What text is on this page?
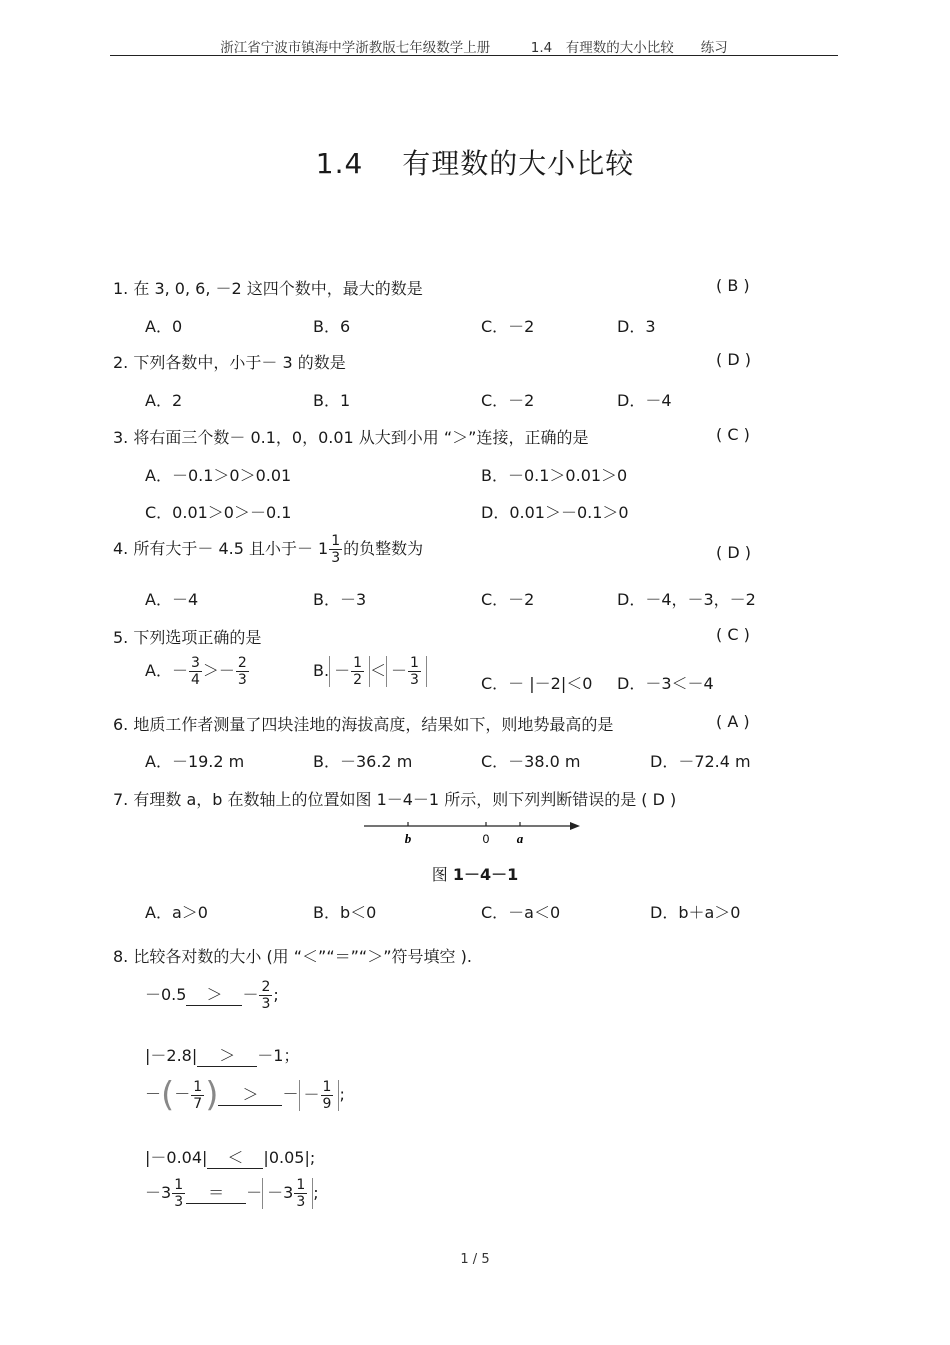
浙江省宁波市镇海中学浙教版七年级数学上册　　　1.4　有理数的大小比较　　练习
1.4　 有理数的大小比较
1. 在 3, 0, 6, －2 这四个数中，最大的数是	( B )
A．0	B．6	C．－2	D．3
2. 下列各数中，小于－ 3 的数是	( D )
A．2	B．1	C．－2	D．－4
3. 将右面三个数－ 0.1，0，0.01 从大到小用 “＞”连接，正确的是	( C )
A．－0.1＞0＞0.01	B．－0.1＞0.01＞0
C．0.01＞0＞－0.1	D．0.01＞－0.1＞0
4. 所有大于－ 4.5 且小于－ $1 \frac{1}{3}$ 的负整数为	( D )
A．－4	B．－3	C．－2	D．－4，－3，－2
5. 下列选项正确的是	( C )
A．－ $\frac{3}{4} >- \frac{2}{3}$	B. － $\frac{1}{2}$ ＜ － $\frac{1}{3}$	C．－ |－2|＜0 D．－3＜－4
6. 地质工作者测量了四块洼地的海拔高度，结果如下，则地势最高的是	( A )
A．－19.2 m	B．－36.2 m	C．－38.0 m	D．－72.4 m
7. 有理数 a，b 在数轴上的位置如图 1－4－1 所示，则下列判断错误的是 ( D )
b	0 a
图 1－4－1
A．a＞0	B．b＜0	C．－a＜0	D．b＋a＞0
8. 比较各对数的大小 (用 “＜”“＝”“＞”符号填空 ).
－0.5 ＞ － $\frac{2}{3}$ ;
|－2.8| ＞ －1；
－(－ $\frac{1}{7}$ ) ＞ － － $\frac{1}{9}$ ;
|－0.04| ＜ |0.05|;
$-3 \frac{1}{3}$ ＝ － $-3 \frac{1}{3}$ ;
1 / 5
